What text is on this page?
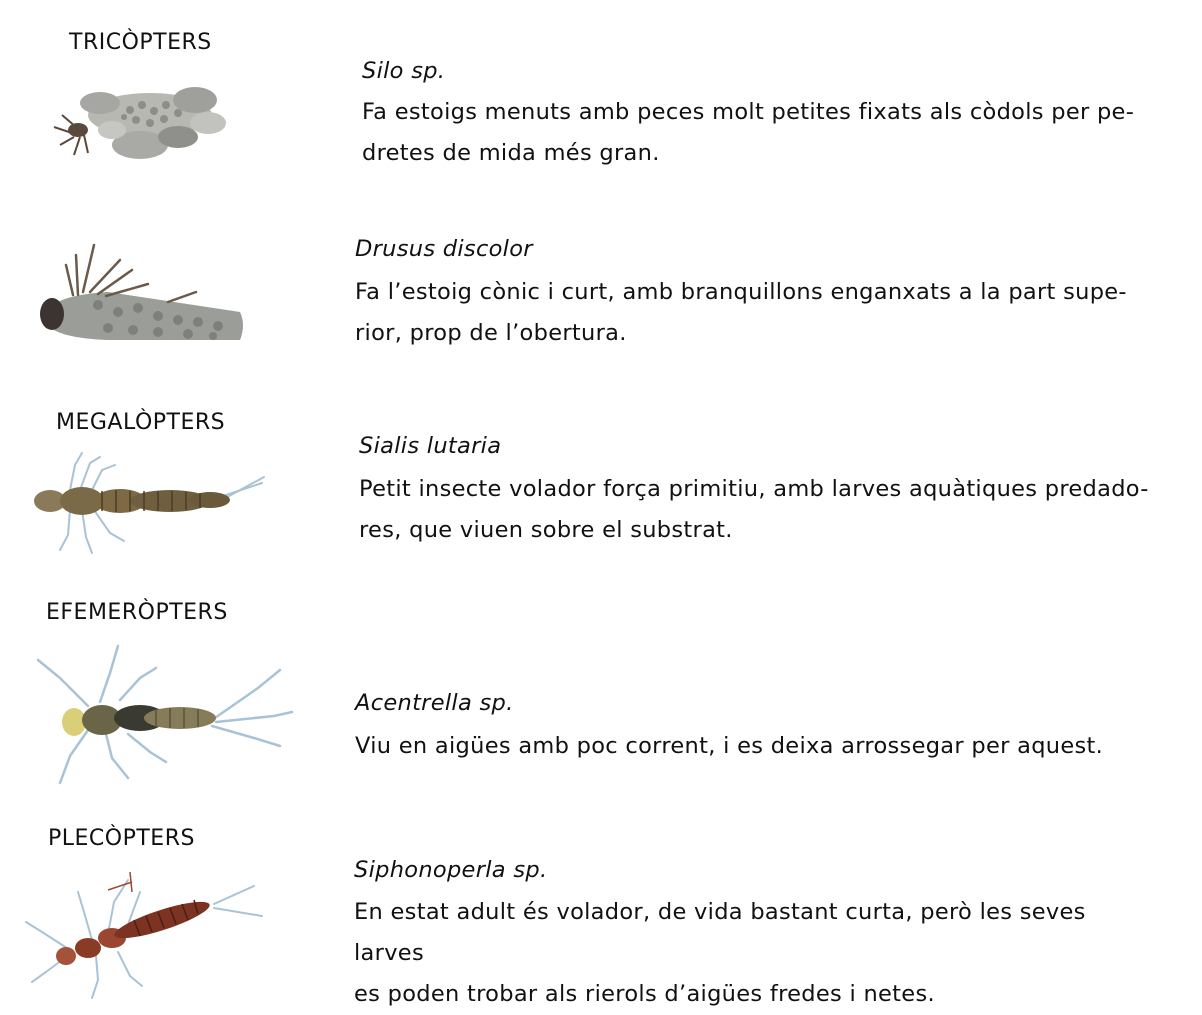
TRICÒPTERS
MEGALÒPTERS
EFEMERÒPTERS
PLECÒPTERS
Silo sp.
Fa estoigs menuts amb peces molt petites fixats als còdols per pe-
dretes de mida més gran.
Drusus discolor
Fa l’estoig cònic i curt, amb branquillons enganxats a la part supe-
rior, prop de l’obertura.
Sialis lutaria
Petit insecte volador força primitiu, amb larves aquàtiques predado-
res, que viuen sobre el substrat.
Acentrella sp.
Viu en aigües amb poc corrent, i es deixa arrossegar per aquest.
Siphonoperla sp.
En estat adult és volador, de vida bastant curta, però les seves larves
es poden trobar als rierols d’aigües fredes i netes.
